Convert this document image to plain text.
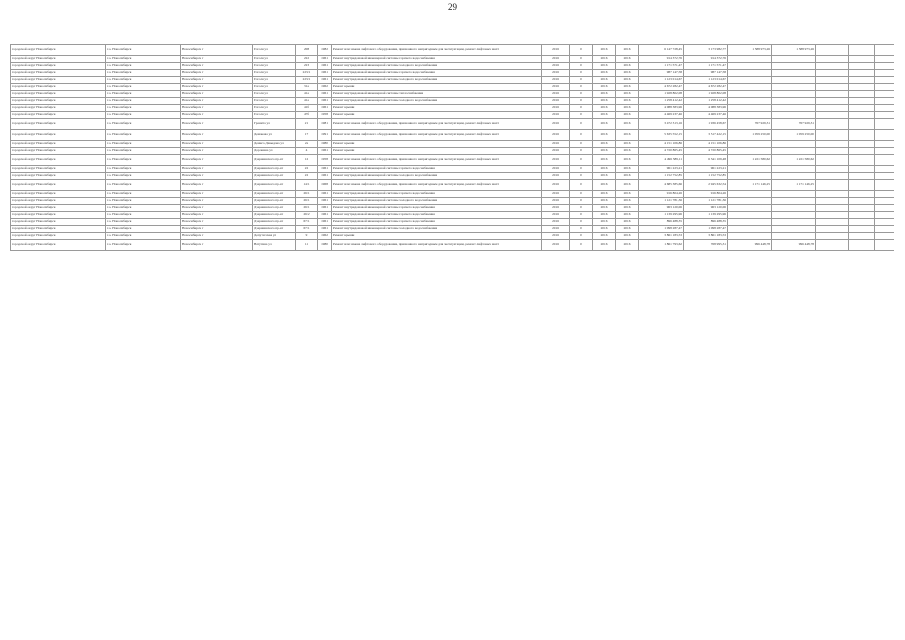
29
городской округ Новосибирск	г.о. Новосибирск	Новосибирск г	Гоголя ул	208	1982	Ремонт или замена лифтового оборудования, признанного непригодным для эксплуатации, ремонт лифтовых шахт	2016	0	2016	2016	6 147 728,45	3 173 982,77	1 588 973,26	1 588 973,26			
городской округ Новосибирск	г.о. Новосибирск	Новосибирск г	Гоголя ул	222	1961	Ремонт внутридомовой инженерной системы горячего водоснабжения	2016	0	2016	2016	914 372,76	914 372,76					
городской округ Новосибирск	г.о. Новосибирск	Новосибирск г	Гоголя ул	223	1961	Ремонт внутридомовой инженерной системы холодного водоснабжения	2016	0	2016	2016	1 171 571,47	1 171 571,47					
городской округ Новосибирск	г.о. Новосибирск	Новосибирск г	Гоголя ул	223/1	1961	Ремонт внутридомовой инженерной системы горячего водоснабжения	2016	0	2016	2016	987 147,58	987 147,58					
городской округ Новосибирск	г.о. Новосибирск	Новосибирск г	Гоголя ул	223/1	1961	Ремонт внутридомовой инженерной системы холодного водоснабжения	2016	0	2016	2016	1 123 014,67	1 123 014,67					
городской округ Новосибирск	г.о. Новосибирск	Новосибирск г	Гоголя ул	31а	1962	Ремонт крыши	2016	0	2016	2016	4 672 282,47	4 672 282,47					
городской округ Новосибирск	г.о. Новосибирск	Новосибирск г	Гоголя ул	41а	1961	Ремонт внутридомовой инженерной системы теплоснабжения	2016	0	2016	2016	1 928 802,08	1 928 802,08					
городской округ Новосибирск	г.о. Новосибирск	Новосибирск г	Гоголя ул	41а	1961	Ремонт внутридомовой инженерной системы холодного водоснабжения	2016	0	2016	2016	1 258 412,42	1 258 412,42					
городской округ Новосибирск	г.о. Новосибирск	Новосибирск г	Гоголя ул	41б	1961	Ремонт крыши	2016	0	2016	2016	4 088 383,96	4 088 383,96					
городской округ Новосибирск	г.о. Новосибирск	Новосибирск г	Гоголя ул	47б	1958	Ремонт крыши	2016	0	2016	2016	4 469 237,46	4 469 237,46					
городской округ Новосибирск	г.о. Новосибирск	Новосибирск г	Гранита ул	21	1981	Ремонт или замена лифтового оборудования, признанного непригодным для эксплуатации, ремонт лифтовых шахт	2016	0	2016	2016	3 472 313,16	1 936 458,67	767 929,31	767 929,31			
городской округ Новосибирск	г.о. Новосибирск	Новосибирск г	Демакова ул	17	1991	Ремонт или замена лифтового оборудования, признанного непригодным для эксплуатации, ремонт лифтовых шахт	2016	0	2016	2016	5 635 552,15	3 517 422,15	1 059 250,00	1 059 250,00			
городской округ Новосибирск	г.о. Новосибирск	Новосибирск г	Дениса Давыдова ул	2а	1980	Ремонт крыши	2016	0	2016	2016	4 151 106,86	4 151 106,86					
городской округ Новосибирск	г.о. Новосибирск	Новосибирск г	Доронина ул	4	1961	Ремонт крыши	2016	0	2016	2016	4 720 865,45	4 720 865,45					
городской округ Новосибирск	г.о. Новосибирск	Новосибирск г	Дзержинского пр-кт	12	1958	Ремонт или замена лифтового оборудования, признанного непригодным для эксплуатации, ремонт лифтовых шахт	2016	0	2016	2016	4 496 389,11	6 341 109,48	1 221 580,62	1 221 580,62			
городской округ Новосибирск	г.о. Новосибирск	Новосибирск г	Дзержинского пр-кт	22	1961	Ремонт внутридомовой инженерной системы горячего водоснабжения	2016	0	2016	2016	961 223,21	961 223,21					
городской округ Новосибирск	г.о. Новосибирск	Новосибирск г	Дзержинского пр-кт	22	1961	Ремонт внутридомовой инженерной системы холодного водоснабжения	2016	0	2016	2016	1 152 752,85	1 152 752,85					
городской округ Новосибирск	г.о. Новосибирск	Новосибирск г	Дзержинского пр-кт	14/1	1968	Ремонт или замена лифтового оборудования, признанного непригодным для эксплуатации, ремонт лифтовых шахт	2016	0	2016	2016	4 685 385,66	2 945 632,54	1 171 146,25	1 171 146,25			
городской округ Новосибирск	г.о. Новосибирск	Новосибирск г	Дзержинского пр-кт	26/1	1961	Ремонт внутридомовой инженерной системы горячего водоснабжения	2016	0	2016	2016	916 804,26	916 804,26					
городской округ Новосибирск	г.о. Новосибирск	Новосибирск г	Дзержинского пр-кт	26/1	1961	Ремонт внутридомовой инженерной системы холодного водоснабжения	2016	0	2016	2016	1 121 781,36	1 121 781,36					
городской округ Новосибирск	г.о. Новосибирск	Новосибирск г	Дзержинского пр-кт	26/1	1961	Ремонт внутридомовой инженерной системы горячего водоснабжения	2016	0	2016	2016	963 120,06	963 120,06					
городской округ Новосибирск	г.о. Новосибирск	Новосибирск г	Дзержинского пр-кт	26/2	1961	Ремонт внутридомовой инженерной системы горячего водоснабжения	2016	0	2016	2016	1 139 295,96	1 139 295,96					
городской округ Новосибирск	г.о. Новосибирск	Новосибирск г	Дзержинского пр-кт	67/1	1961	Ремонт внутридомовой инженерной системы горячего водоснабжения	2016	0	2016	2016	896 488,35	896 488,35					
городской округ Новосибирск	г.о. Новосибирск	Новосибирск г	Дзержинского пр-кт	67/1	1961	Ремонт внутридомовой инженерной системы холодного водоснабжения	2016	0	2016	2016	1 098 287,47	1 098 287,47					
городской округ Новосибирск	г.о. Новосибирск	Новосибирск г	Депутатская ул	9	1962	Ремонт крыши	2016	0	2016	2016	3 861 183,53	3 861 183,53					
городской округ Новосибирск	г.о. Новосибирск	Новосибирск г	Ватутина ул	11	1980	Ремонт или замена лифтового оборудования, признанного непригодным для эксплуатации, ремонт лифтовых шахт	2016	0	2016	2016	1 861 793,62	768 995,31	996 448,78	996 448,78			
